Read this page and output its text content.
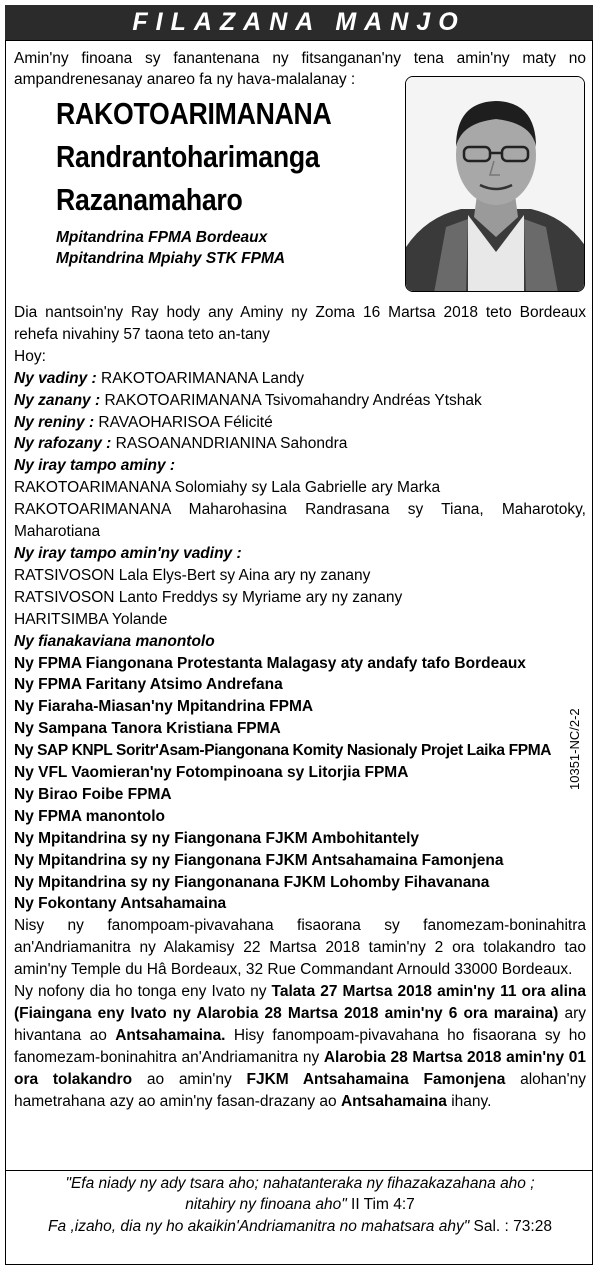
FILAZANA MANJO

Amin'ny finoana sy fanantenana ny fitsanganan'ny tena amin'ny maty no ampandrenesanay anareo fa ny hava-malalanay :

RAKOTOARIMANANA
Randrantoharimanga
Razanamaharo
Mpitandrina FPMA Bordeaux
Mpitandrina Mpiahy STK FPMA

Dia nantsoin'ny Ray hody any Aminy ny Zoma 16 Martsa 2018 teto Bordeaux rehefa nivahiny 57 taona teto an-tany

Hoy:
Ny vadiny : RAKOTOARIMANANA Landy
Ny zanany : RAKOTOARIMANANA Tsivomahandry Andréas Ytshak
Ny reniny : RAVAOHARISOA Félicité
Ny rafozany : RASOANANDRIANINA Sahondra
Ny iray tampo aminy :
RAKOTOARIMANANA Solomiahy sy Lala Gabrielle ary Marka

RAKOTOARIMANANA Maharohasina Randrasana sy Tiana, Maharotoky, Maharotiana

Ny iray tampo amin'ny vadiny :
RATSIVOSON Lala Elys-Bert sy Aina ary ny zanany
RATSIVOSON Lanto Freddys sy Myriame ary ny zanany
HARITSIMBA Yolande
Ny fianakaviana manontolo
Ny FPMA Fiangonana Protestanta Malagasy aty andafy tafo Bordeaux
Ny FPMA Faritany Atsimo Andrefana
Ny Fiaraha-Miasan'ny Mpitandrina FPMA
Ny Sampana Tanora Kristiana FPMA
Ny SAP KNPL Soritr'Asam-Piangonana Komity Nasionaly Projet Laika FPMA
Ny VFL Vaomieran'ny Fotompinoana sy Litorjia FPMA
Ny Birao Foibe FPMA
Ny FPMA manontolo
Ny Mpitandrina sy ny Fiangonana FJKM Ambohitantely
Ny Mpitandrina sy ny Fiangonana FJKM Antsahamaina Famonjena
Ny Mpitandrina sy ny Fiangonanana FJKM Lohomby Fihavanana
Ny Fokontany Antsahamaina

Nisy ny fanompoam-pivavahana fisaorana sy fanomezam-boninahitra an'Andriamanitra ny Alakamisy 22 Martsa 2018 tamin'ny 2 ora tolakandro tao amin'ny Temple du Hâ Bordeaux, 32 Rue Commandant Arnould 33000 Bordeaux.

Ny nofony dia ho tonga eny Ivato ny Talata 27 Martsa 2018 amin'ny 11 ora alina (Fiaingana eny Ivato ny Alarobia 28 Martsa 2018 amin'ny 6 ora maraina) ary hivantana ao Antsahamaina. Hisy fanompoam-pivavahana ho fisaorana sy ho fanomezam-boninahitra an'Andriamanitra ny Alarobia 28 Martsa 2018 amin'ny 01 ora tolakandro ao amin'ny FJKM Antsahamaina Famonjena alohan'ny hametrahana azy ao amin'ny fasan-drazany ao Antsahamaina ihany.

10351-NC/2-2
"Efa niady ny ady tsara aho; nahatanteraka ny fihazakazahana aho ;
nitahiry ny finoana aho" II Tim 4:7
Fa ,izaho, dia ny ho akaikin'Andriamanitra no mahatsara ahy" Sal. : 73:28
